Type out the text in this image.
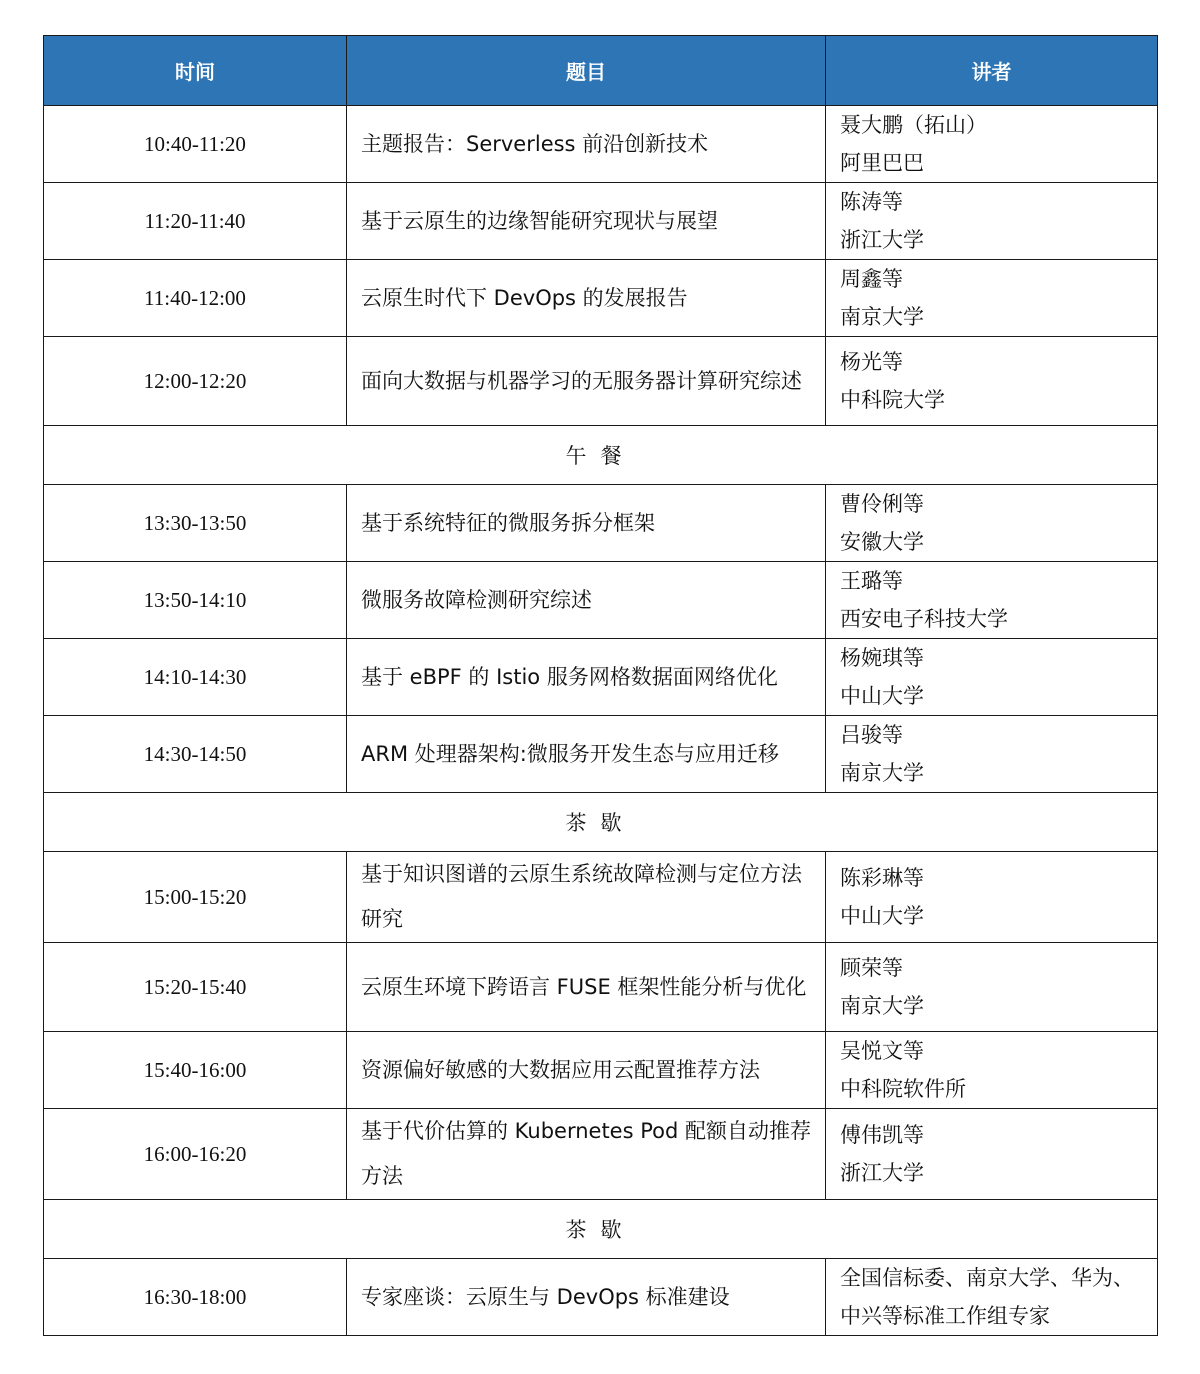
时间	题目	讲者
10:40-11:20	主题报告：Serverless 前沿创新技术	聂大鹏（拓山）
阿里巴巴

11:20-11:40	基于云原生的边缘智能研究现状与展望	陈涛等
浙江大学

11:40-12:00	云原生时代下 DevOps 的发展报告	周鑫等
南京大学

12:00-12:20	面向大数据与机器学习的无服务器计算研究综述	杨光等
中科院大学

午餐		
13:30-13:50	基于系统特征的微服务拆分框架	曹伶俐等
安徽大学

13:50-14:10	微服务故障检测研究综述	王璐等
西安电子科技大学

14:10-14:30	基于 eBPF 的 Istio 服务网格数据面网络优化	杨婉琪等
中山大学

14:30-14:50	ARM 处理器架构:微服务开发生态与应用迁移	吕骏等
南京大学

茶歇		
15:00-15:20	基于知识图谱的云原生系统故障检测与定位方法研究	陈彩琳等
中山大学

15:20-15:40	云原生环境下跨语言 FUSE 框架性能分析与优化	顾荣等
南京大学

15:40-16:00	资源偏好敏感的大数据应用云配置推荐方法	吴悦文等
中科院软件所

16:00-16:20	基于代价估算的 Kubernetes Pod 配额自动推荐方法	傅伟凯等
浙江大学

茶歇		
16:30-18:00	专家座谈：云原生与 DevOps 标准建设	全国信标委、南京大学、华为、
中兴等标准工作组专家
